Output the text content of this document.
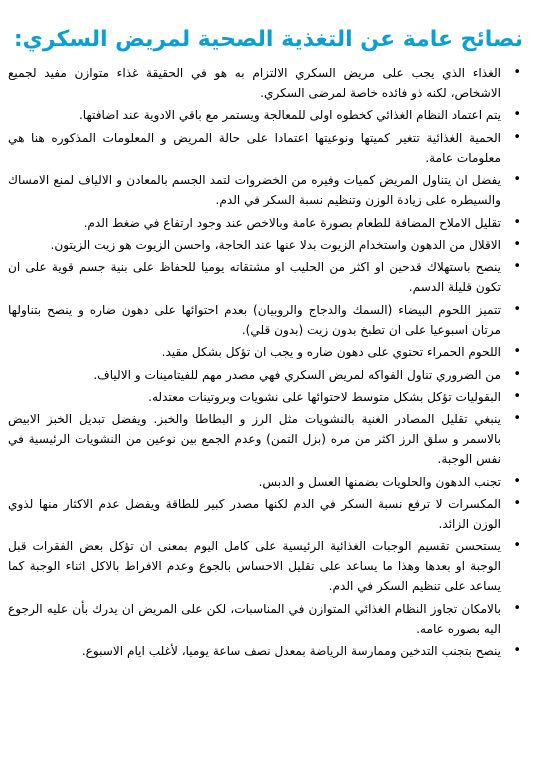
نصائح عامة عن التغذية الصحية لمريض السكري:
•
الغذاء الذي يجب على مريض السكري الالتزام به هو في الحقيقة غذاء متوازن مفيد لجميع الاشخاص، لكنه ذو فائده خاصة لمرضى السكري.
•
يتم اعتماد النظام الغذائي كخطوه اولى للمعالجة ويستمر مع باقي الادوية عند اضافتها.
•
الحمية الغذائية تتغير كميتها ونوعيتها اعتمادا على حالة المريض و المعلومات المذكوره هنا هي معلومات عامة.
•
يفضل ان يتناول المريض كميات وفيره من الخضروات لتمد الجسم بالمعادن و الالياف لمنع الامساك والسيطره على زيادة الوزن وتنظيم نسبة السكر في الدم.
•
تقليل الاملاح المضافة للطعام بصورة عامة وبالاخص عند وجود ارتفاع في ضغط الدم.
•
الاقلال من الدهون واستخدام الزيوت بدلا عنها عند الحاجة، واحسن الزيوت هو زيت الزيتون.
•
ينصح باستهلاك قدحين او اكثر من الحليب او مشتقاته يوميا للحفاظ على بنية جسم قوية على ان تكون قليلة الدسم.
•
تتميز اللحوم البيضاء (السمك والدجاج والروبيان) بعدم احتوائها على دهون ضاره و ينصح بتناولها مرتان اسبوعيا على ان تطبخ بدون زيت (بدون قلي).
•
اللحوم الحمراء تحتوي على دهون ضاره و يجب ان تؤكل بشكل مقيد.
•
من الضروري تناول الفواكه لمريض السكري فهي مصدر مهم للفيتامينات و الالياف.
•
البقوليات تؤكل بشكل متوسط لاحتوائها على نشويات وبروتينات معتدله.
•
ينبغي تقليل المصادر الغنية بالنشويات مثل الرز و البطاطا والخبز. ويفضل تبديل الخبز الابيض بالاسمر و سلق الرز اكثر من مره (بزل التمن) وعدم الجمع بين نوعين من النشويات الرئيسية في نفس الوجبة.
•
تجنب الدهون والحلويات بضمنها العسل و الدبس.
•
المكسرات لا ترفع نسبة السكر في الدم لكنها مصدر كبير للطاقة ويفضل عدم الاكثار منها لذوي الوزن الزائد.
•
يستحسن تقسيم الوجبات الغذائية الرئيسية على كامل اليوم بمعنى ان تؤكل بعض الفقرات قبل الوجبة او بعدها وهذا ما يساعد على تقليل الاحساس بالجوع وعدم الافراط بالاكل اثناء الوجبة كما يساعد على تنظيم السكر في الدم.
•
بالامكان تجاوز النظام الغذائي المتوازن في المناسبات، لكن على المريض ان يدرك بأن عليه الرجوع اليه بصوره عامه.
•
ينصح بتجنب التدخين وممارسة الرياضة بمعدل نصف ساعة يوميا، لأغلب ايام الاسبوع.
